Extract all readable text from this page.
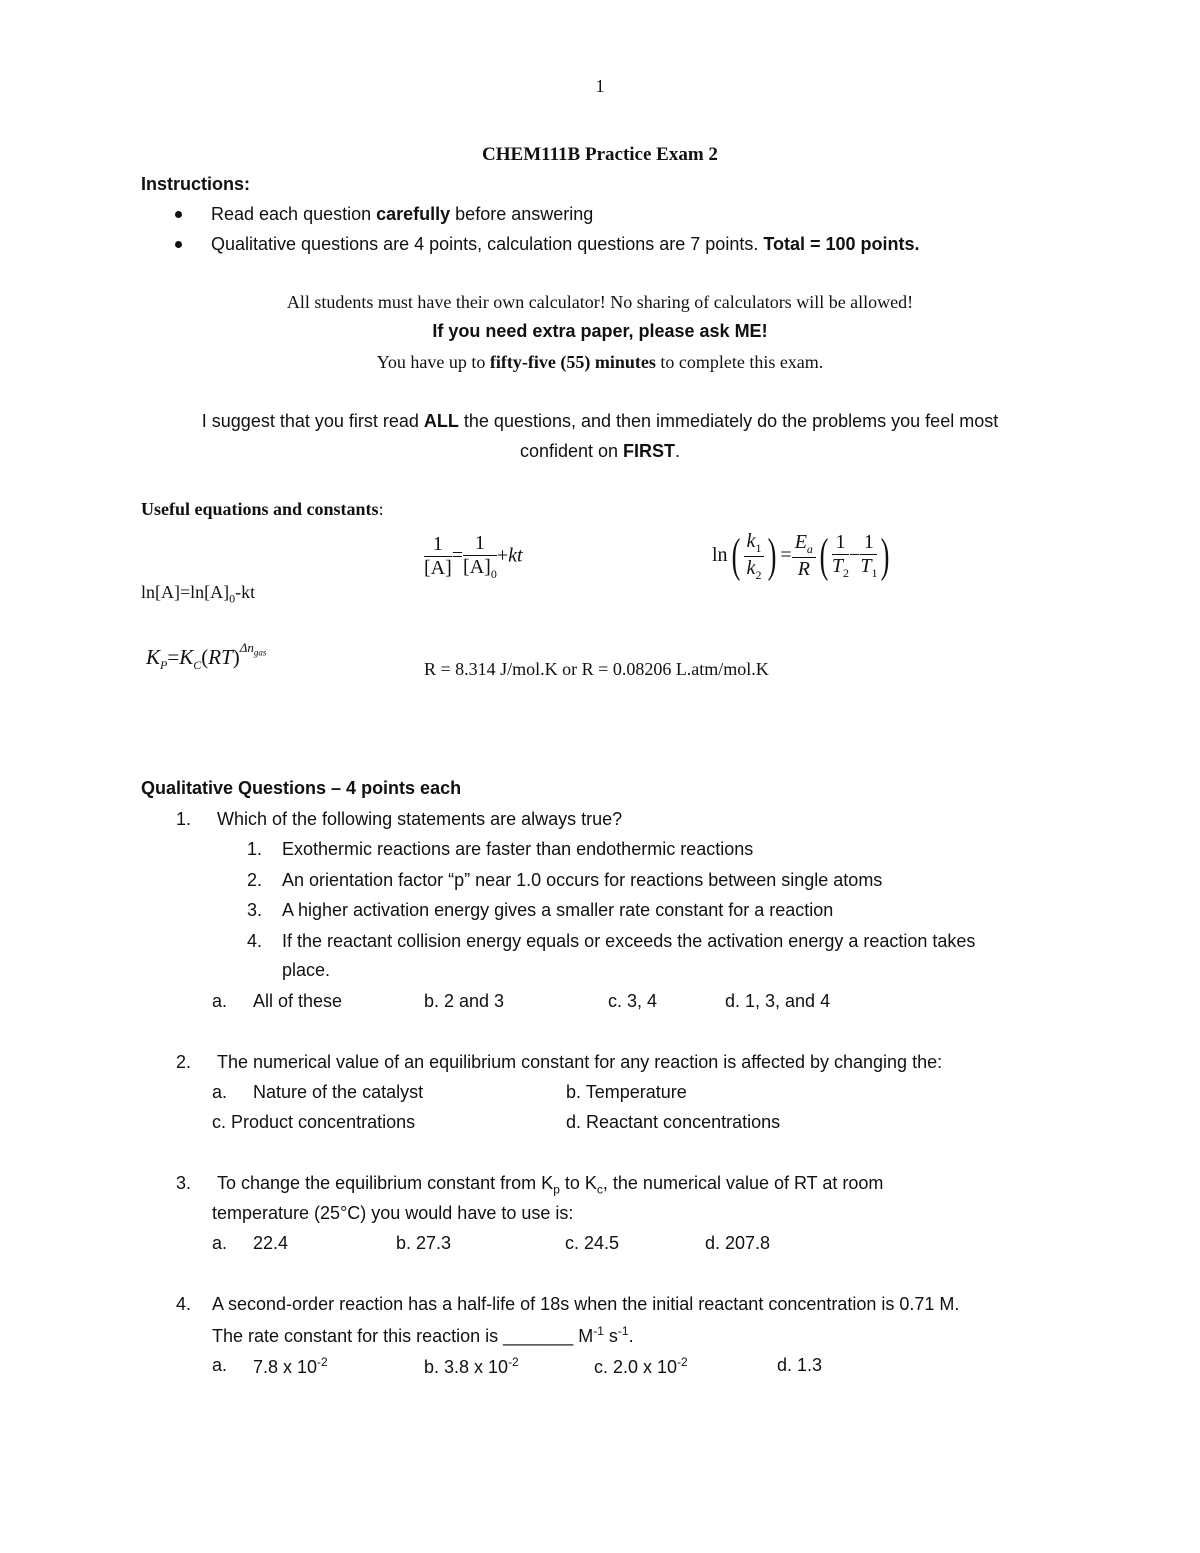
1
CHEM111B Practice Exam 2
Instructions:
Read each question carefully before answering
Qualitative questions are 4 points, calculation questions are 7 points. Total = 100 points.
All students must have their own calculator! No sharing of calculators will be allowed!
If you need extra paper, please ask ME!
You have up to fifty-five (55) minutes to complete this exam.
I suggest that you first read ALL the questions, and then immediately do the problems you feel most
confident on FIRST.
Useful equations and constants:
$\ln[A]=\ln[A]_0-kt$
$\frac{1}{[A]} = \frac{1}{[A]_0} +kt$	$\ln( \frac{k_1}{k_2}$ ) = $\frac{E_a}{R}$ ( $\frac{1}{T_2} - \frac{1}{T_1}$ )
$K_P=K_C(RT)^{\Delta n_{gas}}$
R = 8.314 J/mol.K or R = 0.08206 L.atm/mol.K
Qualitative Questions – 4 points each
1. Which of the following statements are always true?
1. Exothermic reactions are faster than endothermic reactions
2. An orientation factor “p” near 1.0 occurs for reactions between single atoms
3. A higher activation energy gives a smaller rate constant for a reaction
4. If the reactant collision energy equals or exceeds the activation energy a reaction takes
place.
a. All of these	b. 2 and 3	c. 3, 4	d. 1, 3, and 4
2. The numerical value of an equilibrium constant for any reaction is affected by changing the:
a. Nature of the catalyst	b. Temperature
c. Product concentrations	d. Reactant concentrations
3. To change the equilibrium constant from $K_p$ to $K_c$, the numerical value of RT at room
temperature (25°C) you would have to use is:
a. 22.4	b. 27.3	c. 24.5	d. 207.8
4. A second-order reaction has a half-life of 18s when the initial reactant concentration is 0.71 M.
The rate constant for this reaction is _______ $M^{-1}$ $s^{-1}$.
a. 7.8 x $10^{-2}$	b. 3.8 x $10^{-2}$	c. 2.0 x $10^{-2}$	d. 1.3
